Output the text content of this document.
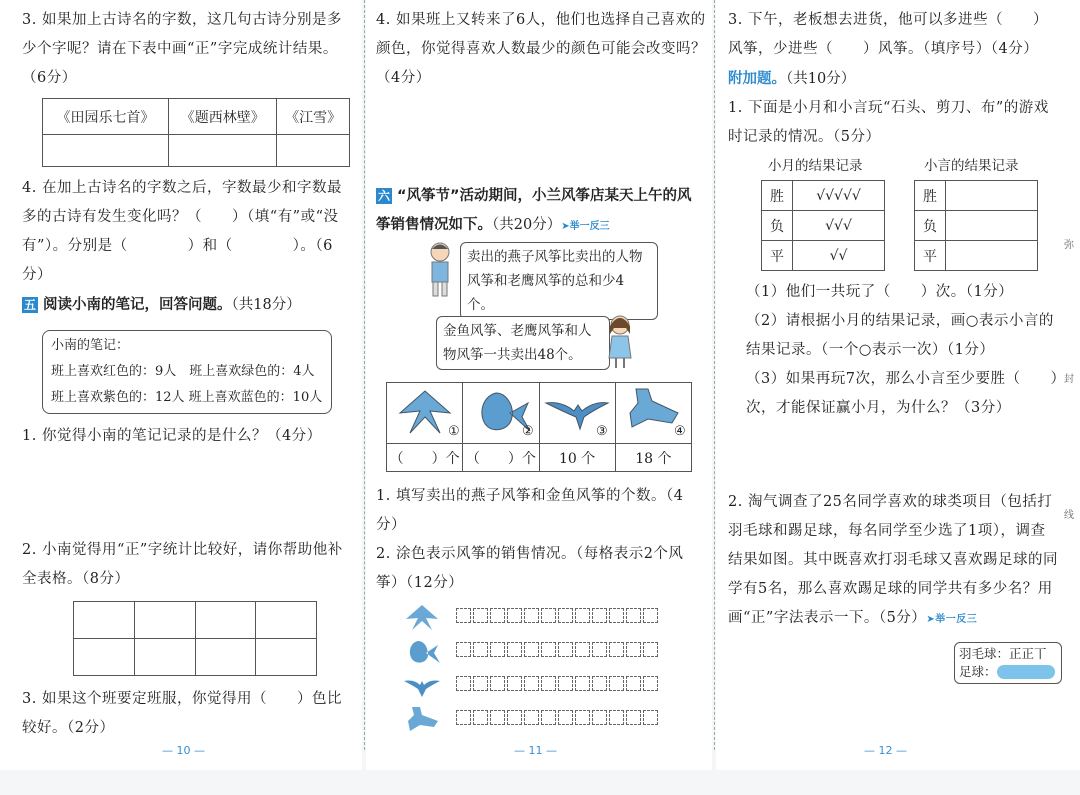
3. 如果加上古诗名的字数，这几句古诗分别是多少个字呢？请在下表中画“正”字完成统计结果。（6分）
《田园乐七首》	《题西林壁》	《江雪》

4. 在加上古诗名的字数之后，字数最少和字数最多的古诗有发生变化吗？（　　）（填“有”或“没有”）。分别是（　　　　）和（　　　　）。（6分）
五 阅读小南的笔记，回答问题。（共18分）
小南的笔记：
班上喜欢红色的：9人　班上喜欢绿色的：4人
班上喜欢紫色的：12人 班上喜欢蓝色的：10人
1. 你觉得小南的笔记记录的是什么？（4分）
2. 小南觉得用“正”字统计比较好，请你帮助他补全表格。（8分）

3. 如果这个班要定班服，你觉得用（　　）色比较好。（2分）
— 10 —
4. 如果班上又转来了6人，他们也选择自己喜欢的颜色，你觉得喜欢人数最少的颜色可能会改变吗？（4分）
六 “风筝节”活动期间，小兰风筝店某天上午的风筝销售情况如下。（共20分）➤举一反三
卖出的燕子风筝比卖出的人物风筝和老鹰风筝的总和少4个。
金鱼风筝、老鹰风筝和人物风筝一共卖出48个。
①	②	③	④

（　　）个	（　　）个	10 个	18 个
1. 填写卖出的燕子风筝和金鱼风筝的个数。（4分）
2. 涂色表示风筝的销售情况。（每格表示2个风筝）（12分）
— 11 —
3. 下午，老板想去进货，他可以多进些（　　）风筝，少进些（　　）风筝。（填序号）（4分）
附加题。（共10分）
1. 下面是小月和小言玩“石头、剪刀、布”的游戏时记录的情况。（5分）
小月的结果记录	小言的结果记录
胜	√√√√√
负	√√√
平	√√
胜	
负	
平	
（1）他们一共玩了（　　）次。（1分）
（2）请根据小月的结果记录，画○表示小言的结果记录。（一个○表示一次）（1分）
（3）如果再玩7次，那么小言至少要胜（　　）次，才能保证赢小月，为什么？（3分）
2. 淘气调查了25名同学喜欢的球类项目（包括打羽毛球和踢足球，每名同学至少选了1项），调查结果如图。其中既喜欢打羽毛球又喜欢踢足球的同学有5名，那么喜欢踢足球的同学共有多少名？用画“正”字法表示一下。（5分）➤举一反三
羽毛球：正正丅
足球：
弥
封
线
— 12 —
